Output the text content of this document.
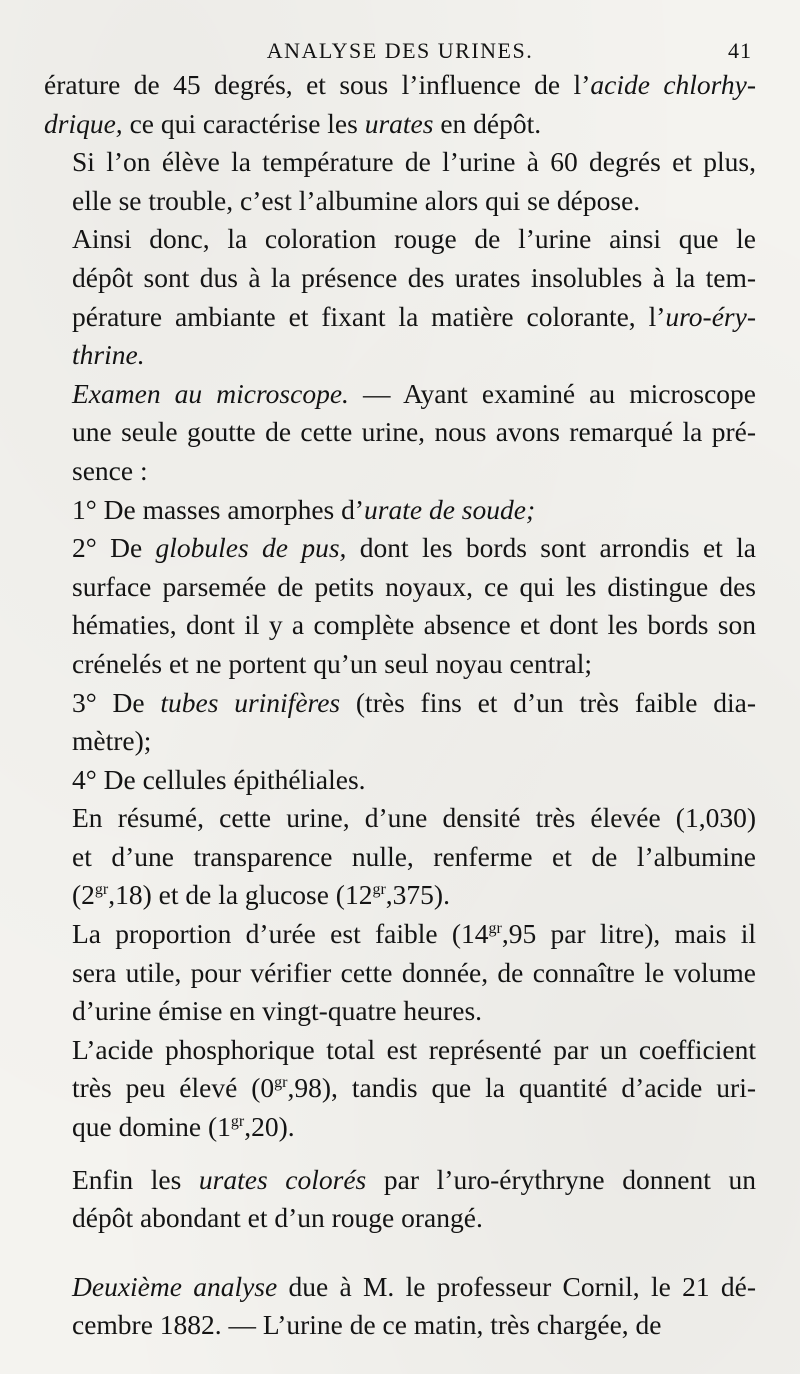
ANALYSE DES URINES.	41

érature de 45 degrés, et sous l’influence de l’acide chlorhy-
drique, ce qui caractérise les urates en dépôt.

Si l’on élève la température de l’urine à 60 degrés et plus,
elle se trouble, c’est l’albumine alors qui se dépose.

Ainsi donc, la coloration rouge de l’urine ainsi que le
dépôt sont dus à la présence des urates insolubles à la tem-
pérature ambiante et fixant la matière colorante, l’uro-éry-
thrine.

Examen au microscope. — Ayant examiné au microscope
une seule goutte de cette urine, nous avons remarqué la pré-
sence :

1° De masses amorphes d’urate de soude;

2° De globules de pus, dont les bords sont arrondis et la
surface parsemée de petits noyaux, ce qui les distingue des
hématies, dont il y a complète absence et dont les bords son
crénelés et ne portent qu’un seul noyau central;

3° De tubes urinifères (très fins et d’un très faible dia-
mètre);

4° De cellules épithéliales.

En résumé, cette urine, d’une densité très élevée (1,030)
et d’une transparence nulle, renferme et de l’albumine
$(2^{gr},18)$ et de la glucose $(12^{gr},375)$.

La proportion d’urée est faible ($14^{gr},95$ par litre), mais il
sera utile, pour vérifier cette donnée, de connaître le volume
d’urine émise en vingt-quatre heures.

L’acide phosphorique total est représenté par un coefficient
très peu élevé $(0^{gr},98)$, tandis que la quantité d’acide uri-
que domine $(1^{gr},20)$.

Enfin les urates colorés par l’uro-érythryne donnent un
dépôt abondant et d’un rouge orangé.

Deuxième analyse due à M. le professeur Cornil, le 21 dé-
cembre 1882. — L’urine de ce matin, très chargée, de
